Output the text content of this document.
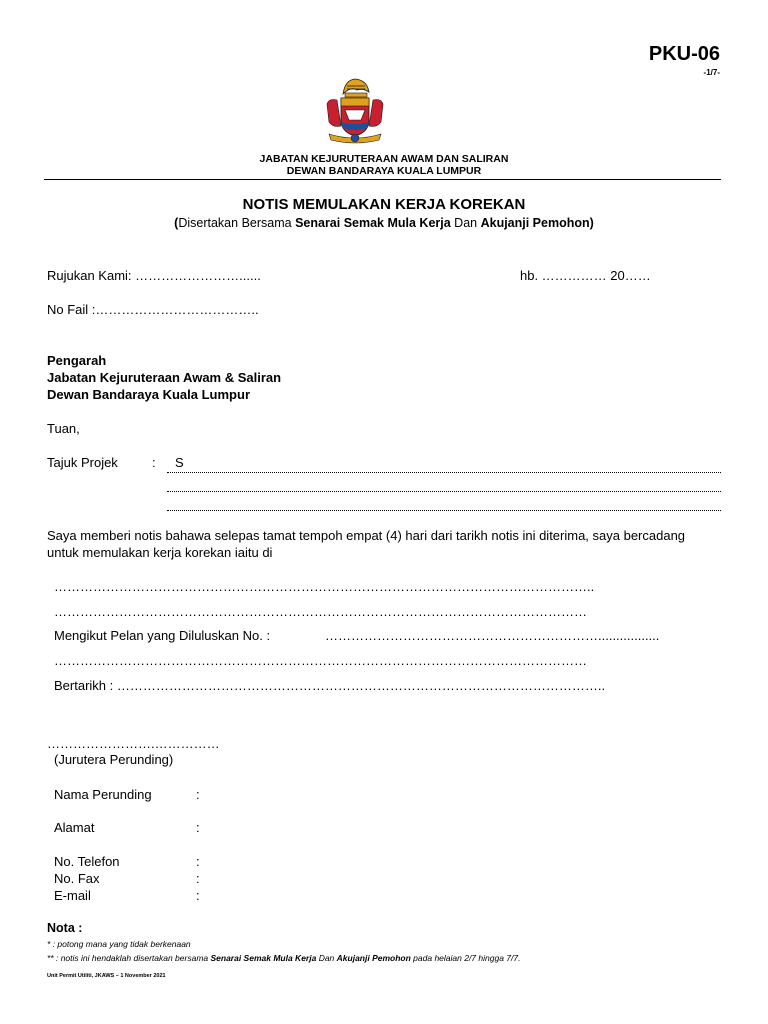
PKU-06
-1/7-
JABATAN KEJURUTERAAN AWAM DAN SALIRAN
DEWAN BANDARAYA KUALA LUMPUR
NOTIS MEMULAKAN KERJA KOREKAN
(Disertakan Bersama Senarai Semak Mula Kerja Dan Akujanji Pemohon)
Rujukan Kami: ……………………......	hb. …………… 20……
No Fail :………………………………..
Pengarah
Jabatan Kejuruteraan Awam & Saliran
Dewan Bandaraya Kuala Lumpur
Tuan,
Tajuk Projek	: S
Saya memberi notis bahawa selepas tamat tempoh empat (4) hari dari tarikh notis ini diterima, saya bercadang
untuk memulakan kerja korekan iaitu di
……………………………………………………………………………………………………………..
……………………………………………………………………………………………………………
Mengikut Pelan yang Diluluskan No. :	……………………………………………………….................
……………………………………………………………………………………………………………
Bertarikh : …………………………………………………………………………………………………..
…………………….……………
(Jurutera Perunding)
Nama Perunding	:
Alamat	:
No. Telefon	:
No. Fax	:
E-mail	:
Nota :
* : potong mana yang tidak berkenaan
** : notis ini hendaklah disertakan bersama Senarai Semak Mula Kerja Dan Akujanji Pemohon pada helaian 2/7 hingga 7/7.
Unit Permit Utiliti, JKAWS – 1 November 2021
